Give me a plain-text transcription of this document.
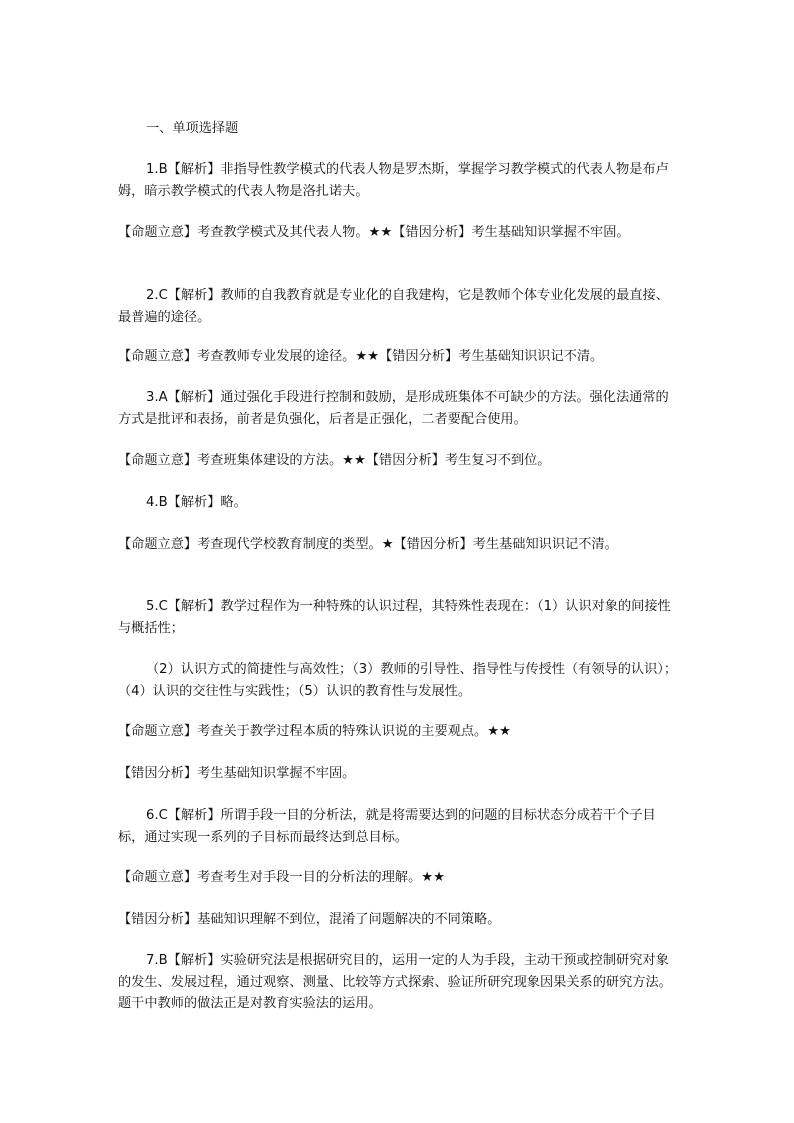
一、单项选择题

1.B【解析】非指导性教学模式的代表人物是罗杰斯，掌握学习教学模式的代表人物是布卢姆，暗示教学模式的代表人物是洛扎诺夫。

【命题立意】考查教学模式及其代表人物。★★【错因分析】考生基础知识掌握不牢固。

2.C【解析】教师的自我教育就是专业化的自我建构，它是教师个体专业化发展的最直接、最普遍的途径。

【命题立意】考查教师专业发展的途径。★★【错因分析】考生基础知识识记不清。

3.A【解析】通过强化手段进行控制和鼓励，是形成班集体不可缺少的方法。强化法通常的方式是批评和表扬，前者是负强化，后者是正强化，二者要配合使用。

【命题立意】考查班集体建设的方法。★★【错因分析】考生复习不到位。

4.B【解析】略。

【命题立意】考查现代学校教育制度的类型。★【错因分析】考生基础知识识记不清。

5.C【解析】教学过程作为一种特殊的认识过程，其特殊性表现在：（1）认识对象的间接性与概括性；

（2）认识方式的简捷性与高效性；（3）教师的引导性、指导性与传授性（有领导的认识）；（4）认识的交往性与实践性；（5）认识的教育性与发展性。

【命题立意】考查关于教学过程本质的特殊认识说的主要观点。★★

【错因分析】考生基础知识掌握不牢固。

6.C【解析】所谓手段一目的分析法，就是将需要达到的问题的目标状态分成若干个子目标，通过实现一系列的子目标而最终达到总目标。

【命题立意】考查考生对手段一目的分析法的理解。★★

【错因分析】基础知识理解不到位，混淆了问题解决的不同策略。

7.B【解析】实验研究法是根据研究目的，运用一定的人为手段，主动干预或控制研究对象的发生、发展过程，通过观察、测量、比较等方式探索、验证所研究现象因果关系的研究方法。题干中教师的做法正是对教育实验法的运用。
